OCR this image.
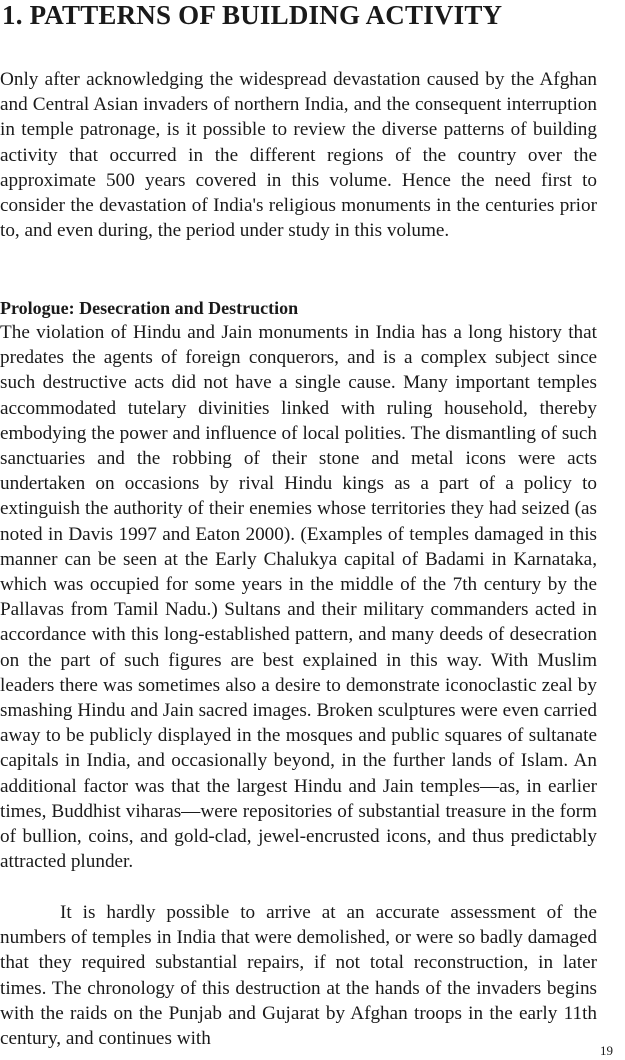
1. PATTERNS OF BUILDING ACTIVITY

Only after acknowledging the widespread devastation caused by the Afghan and Central Asian invaders of northern India, and the consequent interruption in temple patronage, is it possible to review the diverse patterns of building activity that occurred in the different regions of the country over the approximate 500 years covered in this volume. Hence the need first to consider the devastation of India's religious monuments in the centuries prior to, and even during, the period under study in this volume.

Prologue: Desecration and Destruction

The violation of Hindu and Jain monuments in India has a long history that predates the agents of foreign conquerors, and is a complex subject since such destructive acts did not have a single cause. Many important temples accommodated tutelary divinities linked with ruling household, thereby embodying the power and influence of local polities. The dismantling of such sanctuaries and the robbing of their stone and metal icons were acts undertaken on occasions by rival Hindu kings as a part of a policy to extinguish the authority of their enemies whose territories they had seized (as noted in Davis 1997 and Eaton 2000). (Examples of temples damaged in this manner can be seen at the Early Chalukya capital of Badami in Karnataka, which was occupied for some years in the middle of the 7th century by the Pallavas from Tamil Nadu.) Sultans and their military commanders acted in accordance with this long-established pattern, and many deeds of desecration on the part of such figures are best explained in this way. With Muslim leaders there was sometimes also a desire to demonstrate iconoclastic zeal by smashing Hindu and Jain sacred images. Broken sculptures were even carried away to be publicly displayed in the mosques and public squares of sultanate capitals in India, and occasionally beyond, in the further lands of Islam. An additional factor was that the largest Hindu and Jain temples—as, in earlier times, Buddhist viharas—were repositories of substantial treasure in the form of bullion, coins, and gold-clad, jewel-encrusted icons, and thus predictably attracted plunder.

It is hardly possible to arrive at an accurate assessment of the numbers of temples in India that were demolished, or were so badly damaged that they required substantial repairs, if not total reconstruction, in later times. The chronology of this destruction at the hands of the invaders begins with the raids on the Punjab and Gujarat by Afghan troops in the early 11th century, and continues with

19
